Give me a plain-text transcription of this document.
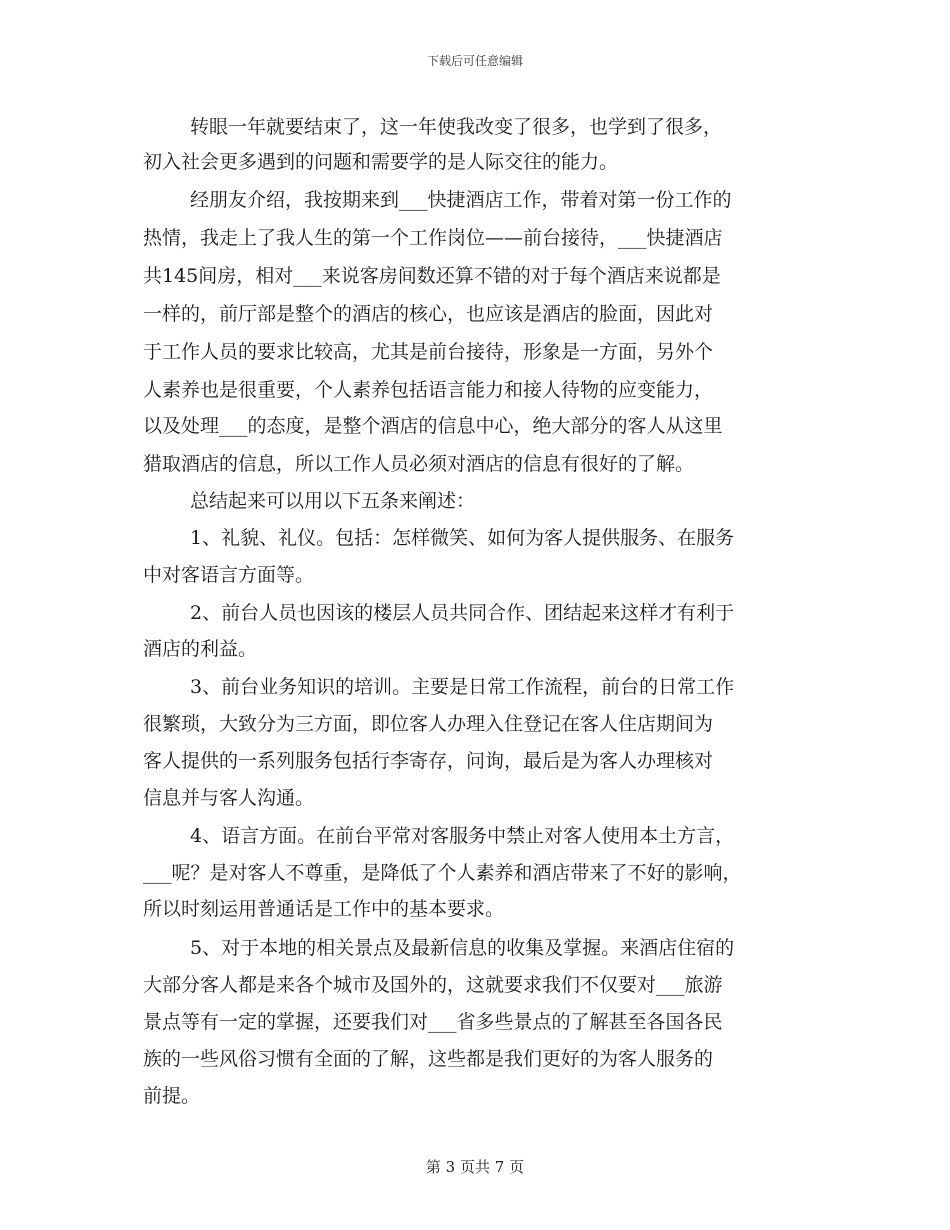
下载后可任意编辑
转眼一年就要结束了，这一年使我改变了很多，也学到了很多，
初入社会更多遇到的问题和需要学的是人际交往的能力。
经朋友介绍，我按期来到___快捷酒店工作，带着对第一份工作的
热情，我走上了我人生的第一个工作岗位——前台接待，___快捷酒店
共145间房，相对___来说客房间数还算不错的对于每个酒店来说都是
一样的，前厅部是整个的酒店的核心，也应该是酒店的脸面，因此对
于工作人员的要求比较高，尤其是前台接待，形象是一方面，另外个
人素养也是很重要，个人素养包括语言能力和接人待物的应变能力，
以及处理___的态度，是整个酒店的信息中心，绝大部分的客人从这里
猎取酒店的信息，所以工作人员必须对酒店的信息有很好的了解。
总结起来可以用以下五条来阐述：
1、礼貌、礼仪。包括：怎样微笑、如何为客人提供服务、在服务
中对客语言方面等。
2、前台人员也因该的楼层人员共同合作、团结起来这样才有利于
酒店的利益。
3、前台业务知识的培训。主要是日常工作流程，前台的日常工作
很繁琐，大致分为三方面，即位客人办理入住登记在客人住店期间为
客人提供的一系列服务包括行李寄存，问询，最后是为客人办理核对
信息并与客人沟通。
4、语言方面。在前台平常对客服务中禁止对客人使用本土方言，
___呢？是对客人不尊重，是降低了个人素养和酒店带来了不好的影响，
所以时刻运用普通话是工作中的基本要求。
5、对于本地的相关景点及最新信息的收集及掌握。来酒店住宿的
大部分客人都是来各个城市及国外的，这就要求我们不仅要对___旅游
景点等有一定的掌握，还要我们对___省多些景点的了解甚至各国各民
族的一些风俗习惯有全面的了解，这些都是我们更好的为客人服务的
前提。
第 3 页共 7 页
